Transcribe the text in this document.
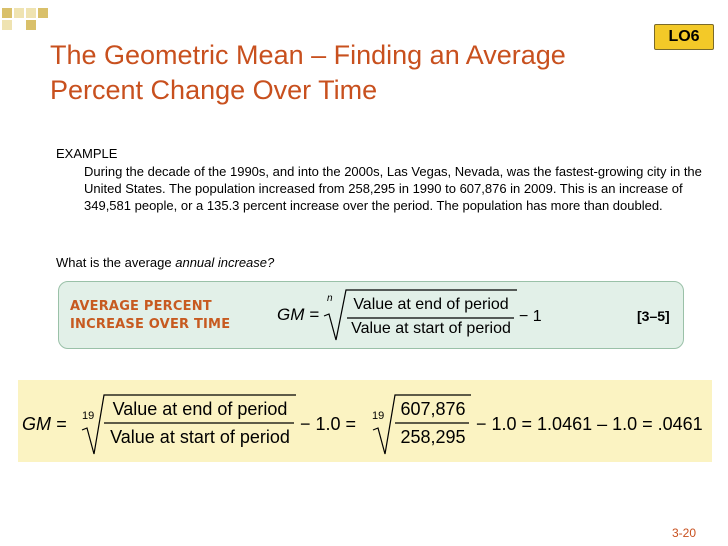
LO6
The Geometric Mean – Finding an Average
Percent Change Over Time
EXAMPLE
During the decade of the 1990s, and into the 2000s, Las Vegas, Nevada, was the fastest-growing city in the United States. The population increased from 258,295 in 1990 to 607,876 in 2009. This is an increase of 349,581 people, or a 135.3 percent increase over the period. The population has more than doubled.
What is the average annual increase?
AVERAGE PERCENT
INCREASE OVER TIME
GM =
n	Value at end of period
Value at start of period
− 1	[3–5]
GM = 19	19
Value at end of period
Value at start of period
− 1.0 =
607,876
258,295
− 1.0 = 1.0461 – 1.0 = .0461
3-20
